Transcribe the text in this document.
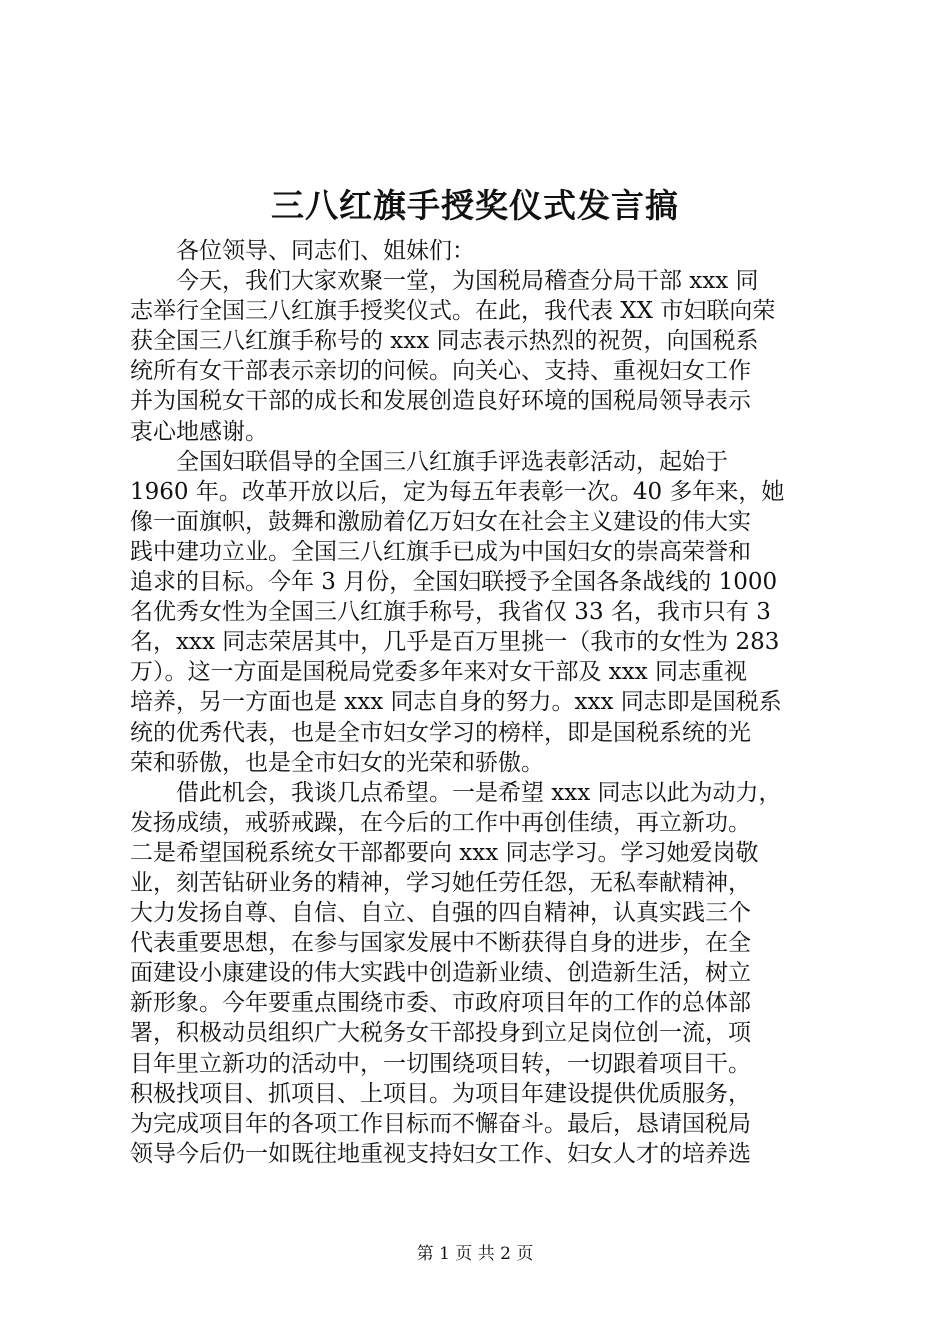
三八红旗手授奖仪式发言搞
　　各位领导、同志们、姐妹们：
　　今天，我们大家欢聚一堂，为国税局稽查分局干部 xxx 同
志举行全国三八红旗手授奖仪式。在此，我代表 XX 市妇联向荣
获全国三八红旗手称号的 xxx 同志表示热烈的祝贺，向国税系
统所有女干部表示亲切的问候。向关心、支持、重视妇女工作
并为国税女干部的成长和发展创造良好环境的国税局领导表示
衷心地感谢。
　　全国妇联倡导的全国三八红旗手评选表彰活动，起始于
1960 年。改革开放以后，定为每五年表彰一次。40 多年来，她
像一面旗帜，鼓舞和激励着亿万妇女在社会主义建设的伟大实
践中建功立业。全国三八红旗手已成为中国妇女的崇高荣誉和
追求的目标。今年 3 月份，全国妇联授予全国各条战线的 1000
名优秀女性为全国三八红旗手称号，我省仅 33 名，我市只有 3
名，xxx 同志荣居其中，几乎是百万里挑一（我市的女性为 283
万）。这一方面是国税局党委多年来对女干部及 xxx 同志重视
培养，另一方面也是 xxx 同志自身的努力。xxx 同志即是国税系
统的优秀代表，也是全市妇女学习的榜样，即是国税系统的光
荣和骄傲，也是全市妇女的光荣和骄傲。
　　借此机会，我谈几点希望。一是希望 xxx 同志以此为动力，
发扬成绩，戒骄戒躁，在今后的工作中再创佳绩，再立新功。
二是希望国税系统女干部都要向 xxx 同志学习。学习她爱岗敬
业，刻苦钻研业务的精神，学习她任劳任怨，无私奉献精神，
大力发扬自尊、自信、自立、自强的四自精神，认真实践三个
代表重要思想，在参与国家发展中不断获得自身的进步，在全
面建设小康建设的伟大实践中创造新业绩、创造新生活，树立
新形象。今年要重点围绕市委、市政府项目年的工作的总体部
署，积极动员组织广大税务女干部投身到立足岗位创一流，项
目年里立新功的活动中，一切围绕项目转，一切跟着项目干。
积极找项目、抓项目、上项目。为项目年建设提供优质服务，
为完成项目年的各项工作目标而不懈奋斗。最后，恳请国税局
领导今后仍一如既往地重视支持妇女工作、妇女人才的培养选
第 1 页 共 2 页
